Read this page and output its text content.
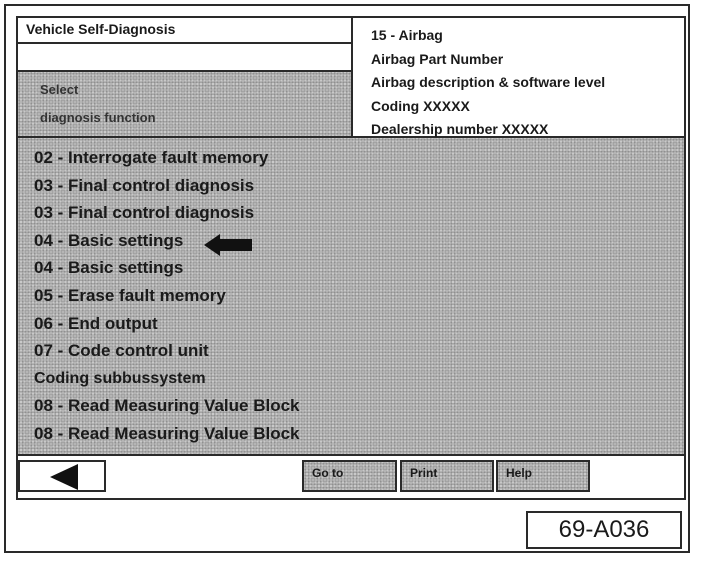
Vehicle Self-Diagnosis
Select
diagnosis function
15 - Airbag
Airbag Part Number
Airbag description & software level
Coding XXXXX
Dealership number XXXXX
02 - Interrogate fault memory
03 - Final control diagnosis
03 - Final control diagnosis
04 - Basic settings
04 - Basic settings
05 - Erase fault memory
06 - End output
07 - Code control unit
Coding subbussystem
08 - Read Measuring Value Block
08 - Read Measuring Value Block
Go to	Print	Help
69-A036
